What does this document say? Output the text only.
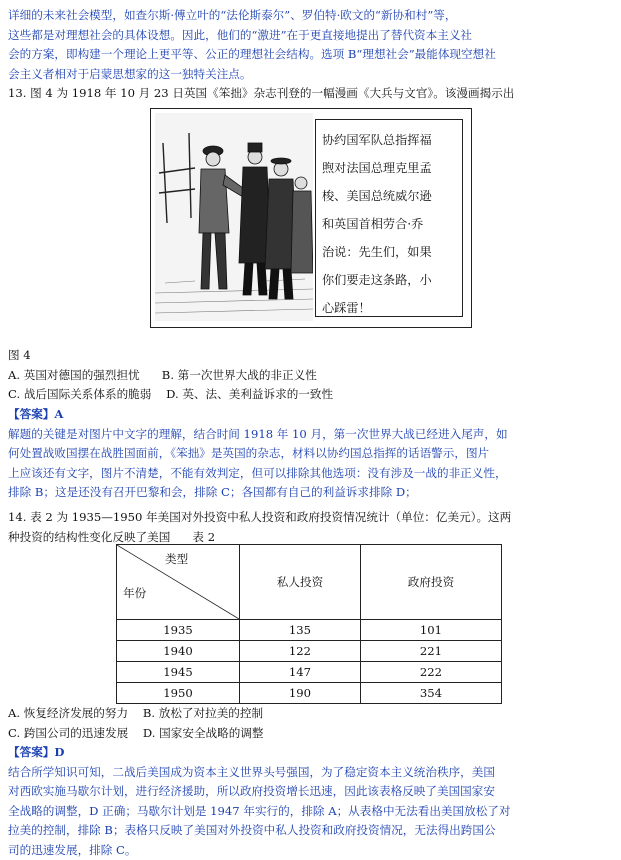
详细的未来社会模型，如查尔斯·傅立叶的“法伦斯泰尔”、罗伯特·欧文的“新协和村”等，
这些都是对理想社会的具体设想。因此，他们的“激进”在于更直接地提出了替代资本主义社
会的方案，即构建一个理论上更平等、公正的理想社会结构。选项 B“理想社会”最能体现空想社
会主义者相对于启蒙思想家的这一独特关注点。
13. 图 4 为 1918 年 10 月 23 日英国《笨拙》杂志刊登的一幅漫画《大兵与文官》。该漫画揭示出
协约国军队总指挥福
煦对法国总理克里孟
梭、美国总统威尔逊
和英国首相劳合·乔
治说：先生们，如果
你们要走这条路，小
心踩雷！
图 4
A. 英国对德国的强烈担忧      B. 第一次世界大战的非正义性
C. 战后国际关系体系的脆弱    D. 英、法、美利益诉求的一致性
【答案】A
解题的关键是对图片中文字的理解，结合时间 1918 年 10 月，第一次世界大战已经进入尾声，如
何处置战败国摆在战胜国面前，《笨拙》是英国的杂志，材料以协约国总指挥的话语警示，图片
上应该还有文字，图片不清楚，不能有效判定，但可以排除其他选项：没有涉及一战的非正义性，
排除 B；这是还没有召开巴黎和会，排除 C；各国都有自己的利益诉求排除 D；
14. 表 2 为 1935—1950 年美国对外投资中私人投资和政府投资情况统计（单位：亿美元）。这两
种投资的结构性变化反映了美国      表 2
类型
年份	私人投资	政府投资
1935	135	101
1940	122	221
1945	147	222
1950	190	354
A. 恢复经济发展的努力    B. 放松了对拉美的控制
C. 跨国公司的迅速发展    D. 国家安全战略的调整
【答案】D
结合所学知识可知，二战后美国成为资本主义世界头号强国，为了稳定资本主义统治秩序，美国
对西欧实施马歇尔计划，进行经济援助，所以政府投资增长迅速，因此该表格反映了美国国家安
全战略的调整，D 正确；马歇尔计划是 1947 年实行的，排除 A；从表格中无法看出美国放松了对
拉美的控制，排除 B；表格只反映了美国对外投资中私人投资和政府投资情况，无法得出跨国公
司的迅速发展，排除 C。
